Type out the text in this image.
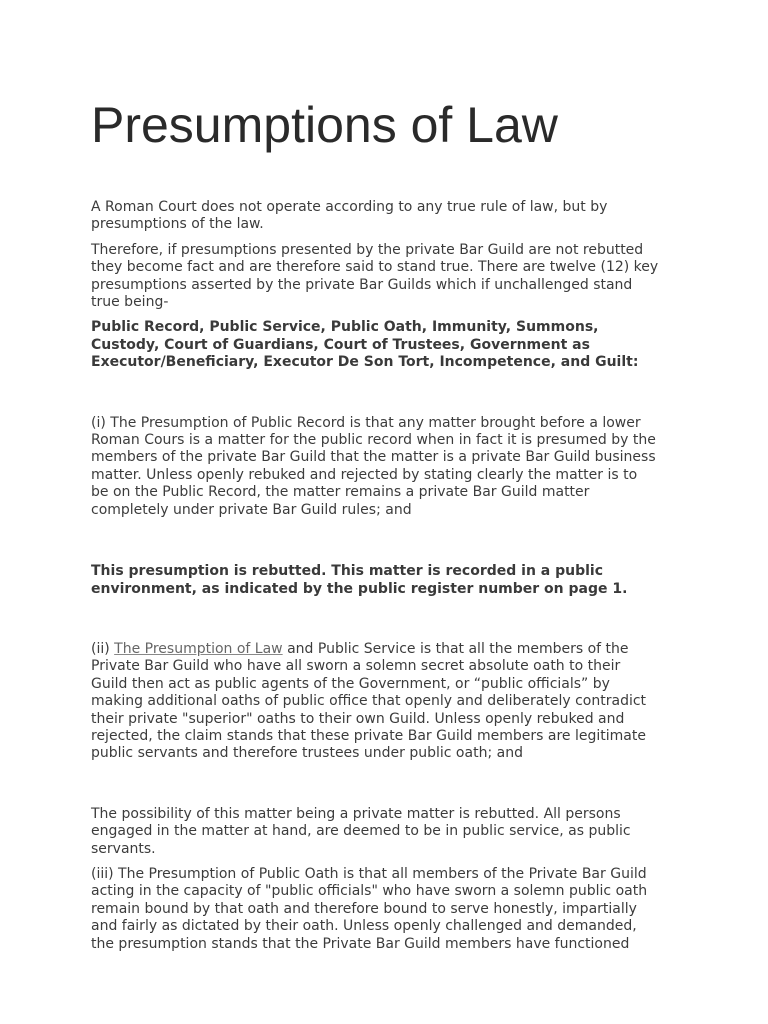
Presumptions of Law

A Roman Court does not operate according to any true rule of law, but by
presumptions of the law.

Therefore, if presumptions presented by the private Bar Guild are not rebutted
they become fact and are therefore said to stand true. There are twelve (12) key
presumptions asserted by the private Bar Guilds which if unchallenged stand
true being-

Public Record, Public Service, Public Oath, Immunity, Summons,
Custody, Court of Guardians, Court of Trustees, Government as
Executor/Beneficiary, Executor De Son Tort, Incompetence, and Guilt:

(i) The Presumption of Public Record is that any matter brought before a lower
Roman Cours is a matter for the public record when in fact it is presumed by the
members of the private Bar Guild that the matter is a private Bar Guild business
matter. Unless openly rebuked and rejected by stating clearly the matter is to
be on the Public Record, the matter remains a private Bar Guild matter
completely under private Bar Guild rules; and

This presumption is rebutted. This matter is recorded in a public
environment, as indicated by the public register number on page 1.

(ii) The Presumption of Law and Public Service is that all the members of the
Private Bar Guild who have all sworn a solemn secret absolute oath to their
Guild then act as public agents of the Government, or “public officials” by
making additional oaths of public office that openly and deliberately contradict
their private "superior" oaths to their own Guild. Unless openly rebuked and
rejected, the claim stands that these private Bar Guild members are legitimate
public servants and therefore trustees under public oath; and

The possibility of this matter being a private matter is rebutted. All persons
engaged in the matter at hand, are deemed to be in public service, as public
servants.

(iii) The Presumption of Public Oath is that all members of the Private Bar Guild
acting in the capacity of "public officials" who have sworn a solemn public oath
remain bound by that oath and therefore bound to serve honestly, impartially
and fairly as dictated by their oath. Unless openly challenged and demanded,
the presumption stands that the Private Bar Guild members have functioned
